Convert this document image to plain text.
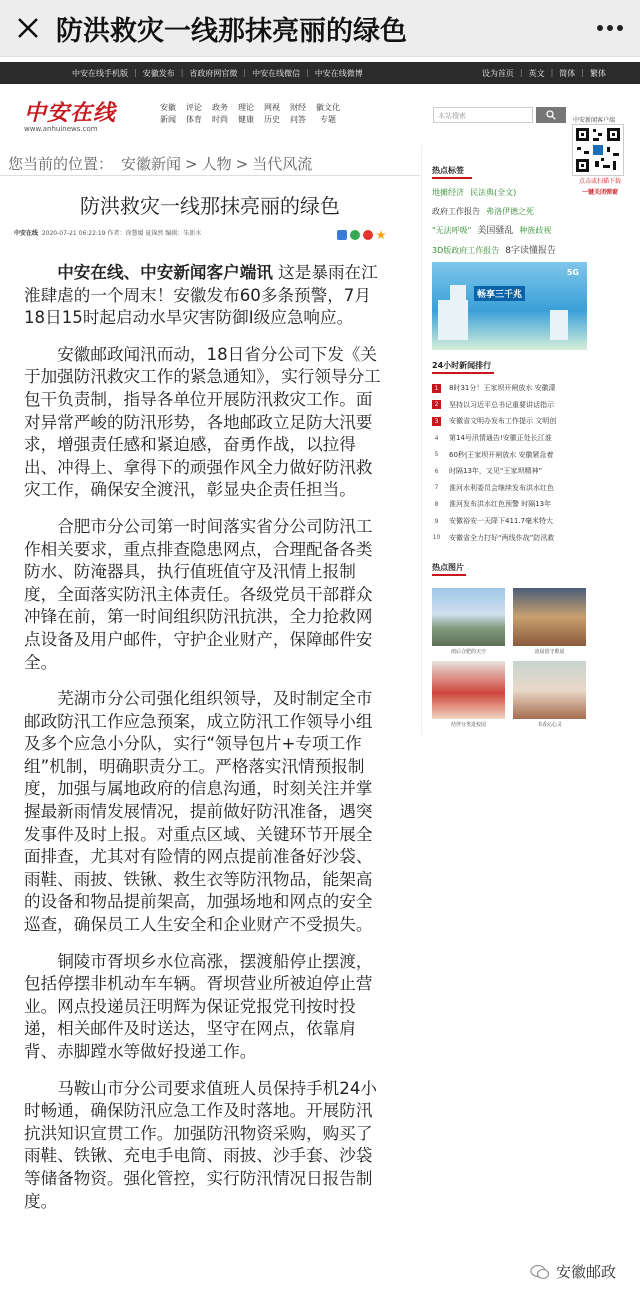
防洪救灾一线那抹亮丽的绿色
中安在线手机版 | 安徽发布 | 省政府网官微 | 中安在线微信 | 中安在线微博	设为首页 | 英文 | 简体 | 繁体
中安在线
www.anhuinews.com
安徽
新闻
评论
体育
政务
时尚
理论
健康
网视
历史
财经
问答
徽文化
专题	本站搜索
中安新闻客户端
点击或扫描下载
一键关闭弹窗
您当前的位置： 安徽新闻 > 人物 > 当代风流
防洪救灾一线那抹亮丽的绿色
中安在线 2020-07-21 06:22:19 作者：徐慧媛 夏锦然 编辑：朱新水

中安在线、中安新闻客户端讯 这是暴雨在江淮肆虐的一个周末！安徽发布60多条预警，7月18日15时起启动水旱灾害防御Ⅰ级应急响应。

安徽邮政闻汛而动，18日省分公司下发《关于加强防汛救灾工作的紧急通知》，实行领导分工包干负责制，指导各单位开展防汛救灾工作。面对异常严峻的防汛形势，各地邮政立足防大汛要求，增强责任感和紧迫感，奋勇作战，以拉得出、冲得上、拿得下的顽强作风全力做好防汛救灾工作，确保安全渡汛，彰显央企责任担当。

合肥市分公司第一时间落实省分公司防汛工作相关要求，重点排查隐患网点，合理配备各类防水、防淹器具，执行值班值守及汛情上报制度，全面落实防汛主体责任。各级党员干部群众冲锋在前，第一时间组织防汛抗洪，全力抢救网点设备及用户邮件，守护企业财产，保障邮件安全。

芜湖市分公司强化组织领导，及时制定全市邮政防汛工作应急预案，成立防汛工作领导小组及多个应急小分队，实行“领导包片+专项工作组”机制，明确职责分工。严格落实汛情预报制度，加强与属地政府的信息沟通，时刻关注并掌握最新雨情发展情况，提前做好防汛准备，遇突发事件及时上报。对重点区域、关键环节开展全面排查，尤其对有险情的网点提前准备好沙袋、雨鞋、雨披、铁锹、救生衣等防汛物品，能架高的设备和物品提前架高，加强场地和网点的安全巡查，确保员工人生安全和企业财产不受损失。

铜陵市胥坝乡水位高涨，摆渡船停止摆渡，包括停摆非机动车车辆。胥坝营业所被迫停止营业。网点投递员汪明辉为保证党报党刊按时投递，相关邮件及时送达，坚守在网点，依靠肩背、赤脚蹚水等做好投递工作。

马鞍山市分公司要求值班人员保持手机24小时畅通，确保防汛应急工作及时落地。开展防汛抗洪知识宣贯工作。加强防汛物资采购，购买了雨鞋、铁锹、充电手电筒、雨披、沙手套、沙袋等储备物资。强化管控，实行防汛情况日报告制度。

热点标签
地摊经济 民法典(全文)
政府工作报告 弗洛伊德之死
"无法呼吸" 美国骚乱 种族歧视
3D版政府工作报告 8字读懂报告
畅享三千兆
5G
24小时新闻排行
1	8时31分！王家坝开闸放水 安徽濛
2	坚持以习近平总书记重要讲话指示
3	安徽省文明办发布工作提示 文明创
4	第14号汛情通告!安徽正处长江淮
5	60秒|王家坝开闸放水 安徽紧急着
6	时隔13年，又见“王家坝精神”
7	淮河水利委员会继续发布洪水红色
8	淮河发布洪水红色预警 时隔13年
9	安徽裕安一天降下411.7毫米特大
10 安徽省全力打好“两线作战”防汛救
热点图片
雨后合肥的天空	凌晨留守歌晨
结伴分类进校园	书香沁心灵
安徽邮政
